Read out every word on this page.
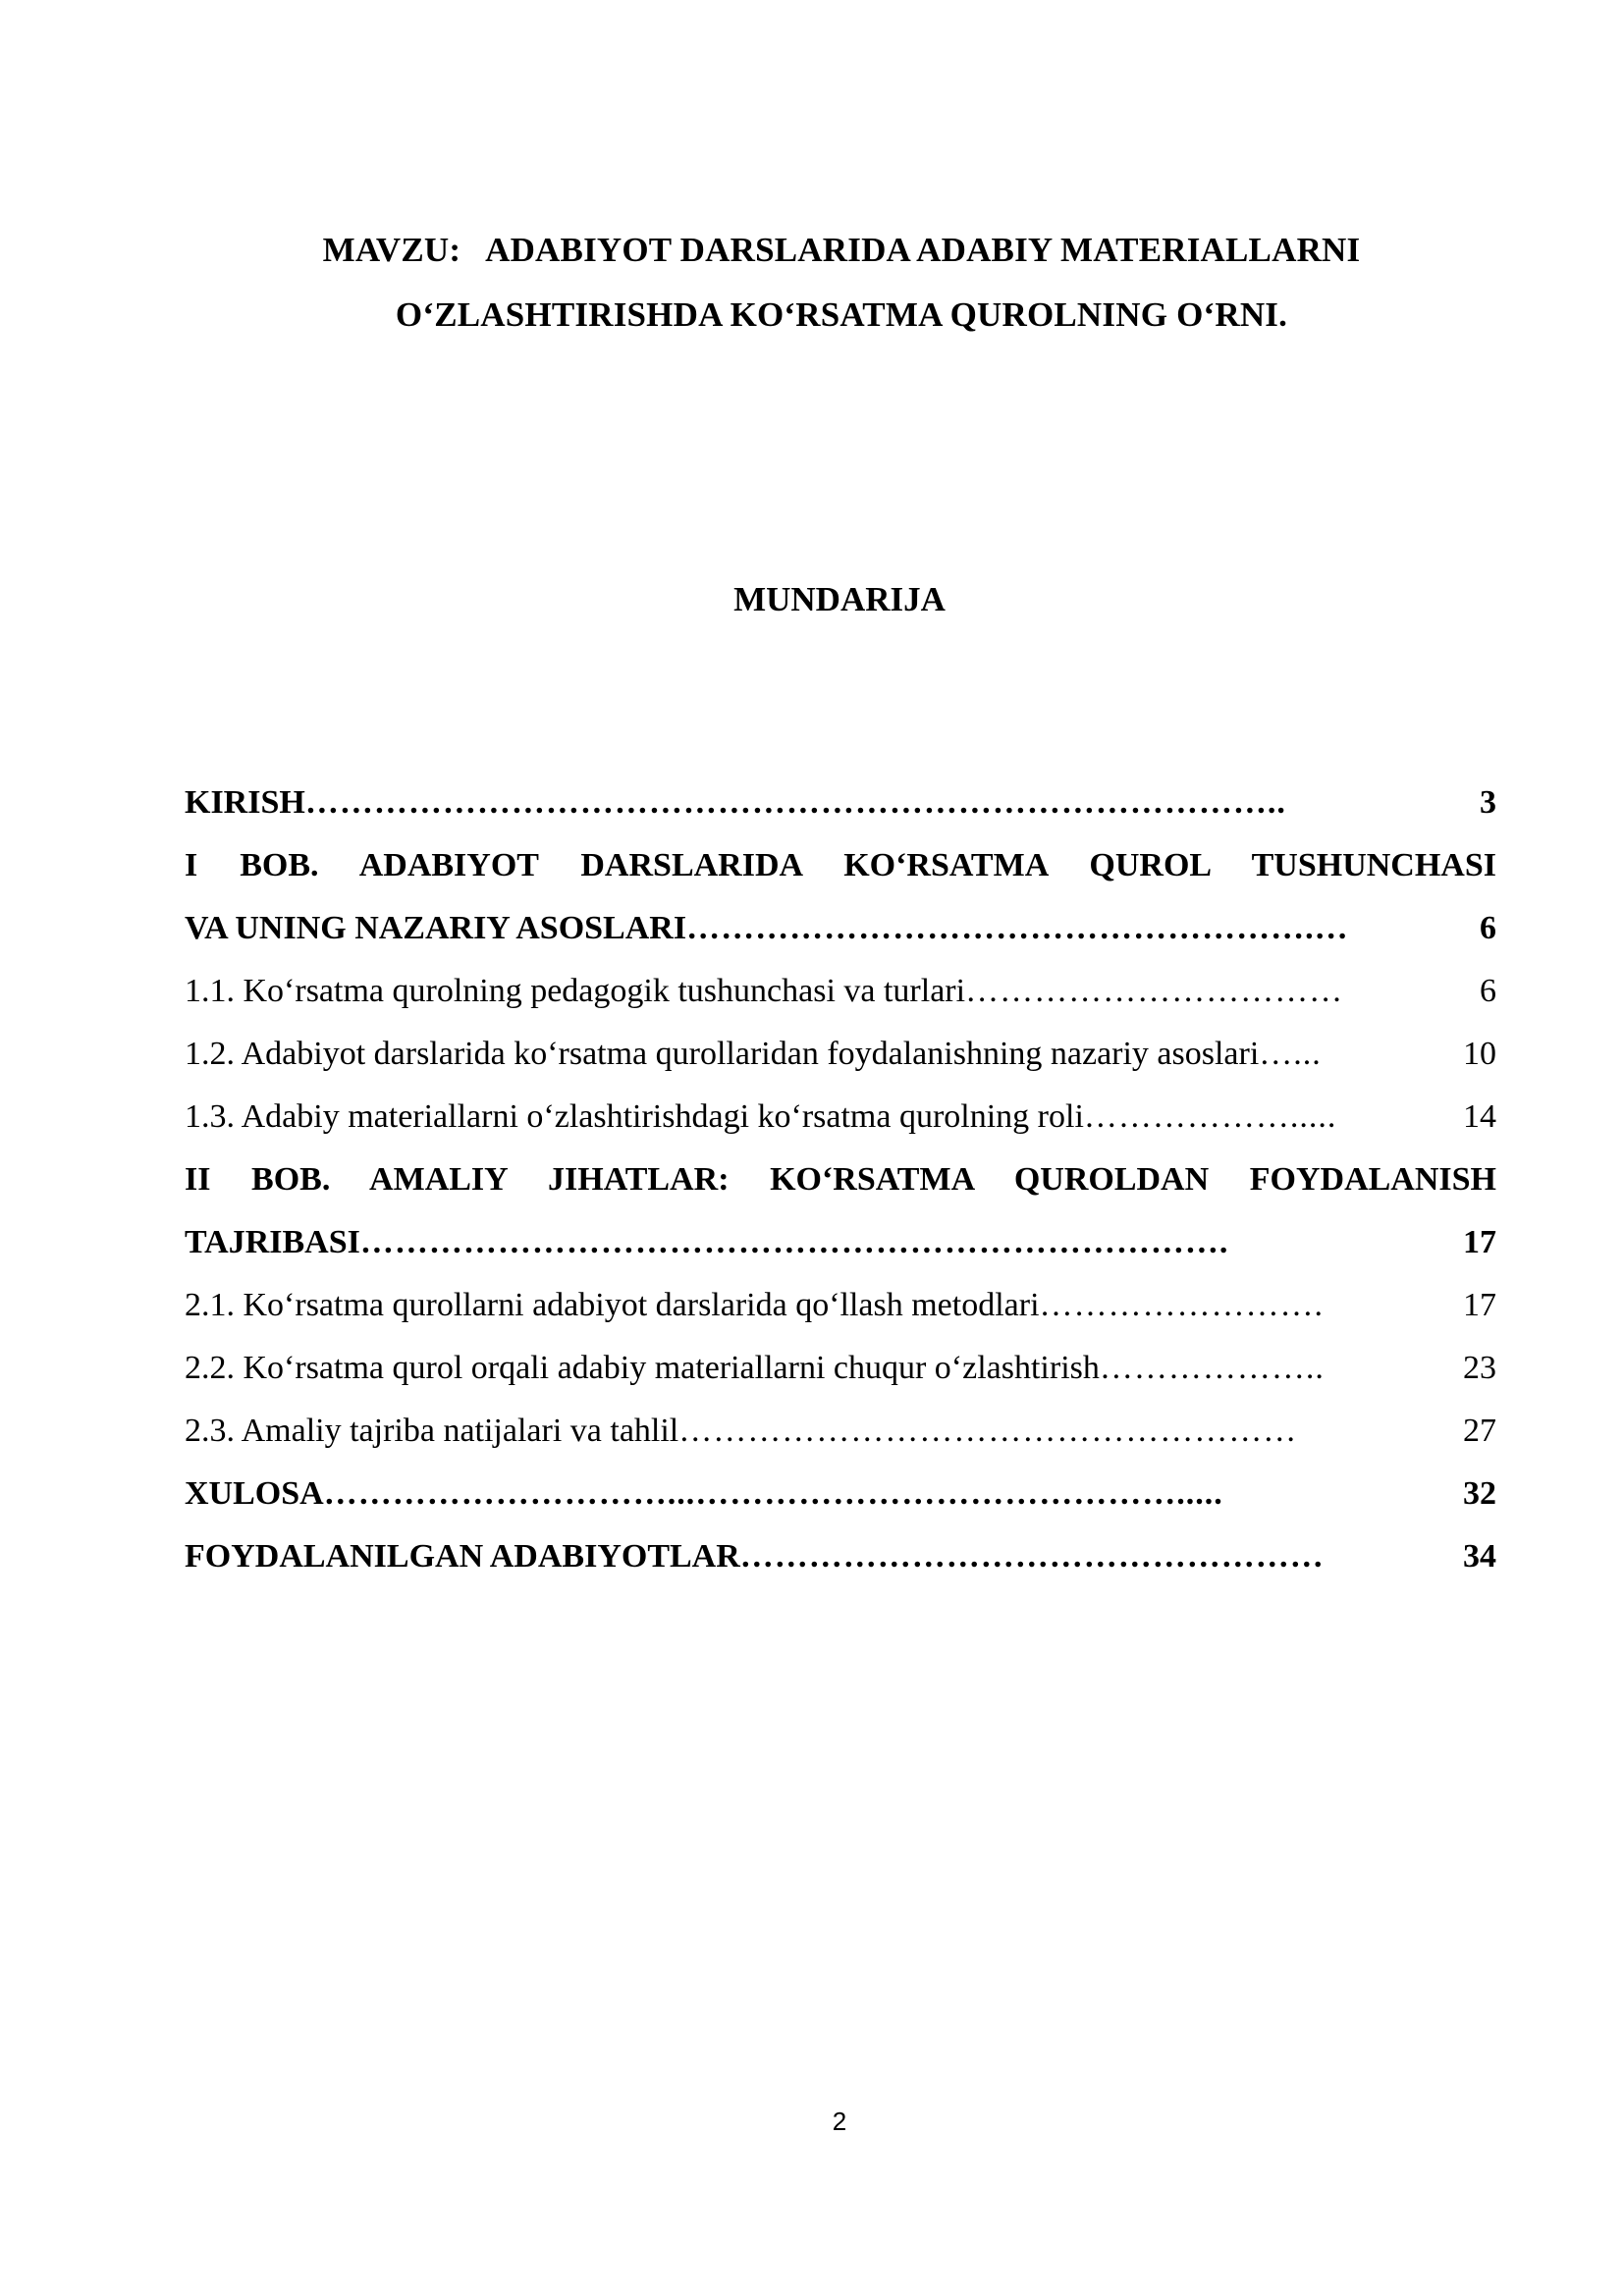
MAVZU:   ADABIYOT DARSLARIDA ADABIY MATERIALLARNI
O‘ZLASHTIRISHDA KO‘RSATMA QUROLNING O‘RNI.
MUNDARIJA
KIRISH …………………………………………………………………………..	3
I BOB. ADABIYOT DARSLARIDA KO‘RSATMA QUROL TUSHUNCHASI
VA UNING NAZARIY ASOSLARI ……………………………………………….…	6
1.1. Ko‘rsatma qurolning pedagogik tushunchasi va turlari ……………………………	6
1.2. Adabiyot darslarida ko‘rsatma qurollaridan foydalanishning nazariy asoslari …...	10
1.3. Adabiy materiallarni o‘zlashtirishdagi ko‘rsatma qurolning roli ……………….....	14
II BOB. AMALIY JIHATLAR: KO‘RSATMA QUROLDAN FOYDALANISH
TAJRIBASI ………………………………………………………………….	17
2.1. Ko‘rsatma qurollarni adabiyot darslarida qo‘llash metodlari …………………….	17
2.2. Ko‘rsatma qurol orqali adabiy materiallarni chuqur o‘zlashtirish ………………..	23
2.3. Amaliy tajriba natijalari va tahlil ………………………………………………	27
XULOSA …………………………...…………………………………….....	32
FOYDALANILGAN ADABIYOTLAR ……………………………………………	34
2
